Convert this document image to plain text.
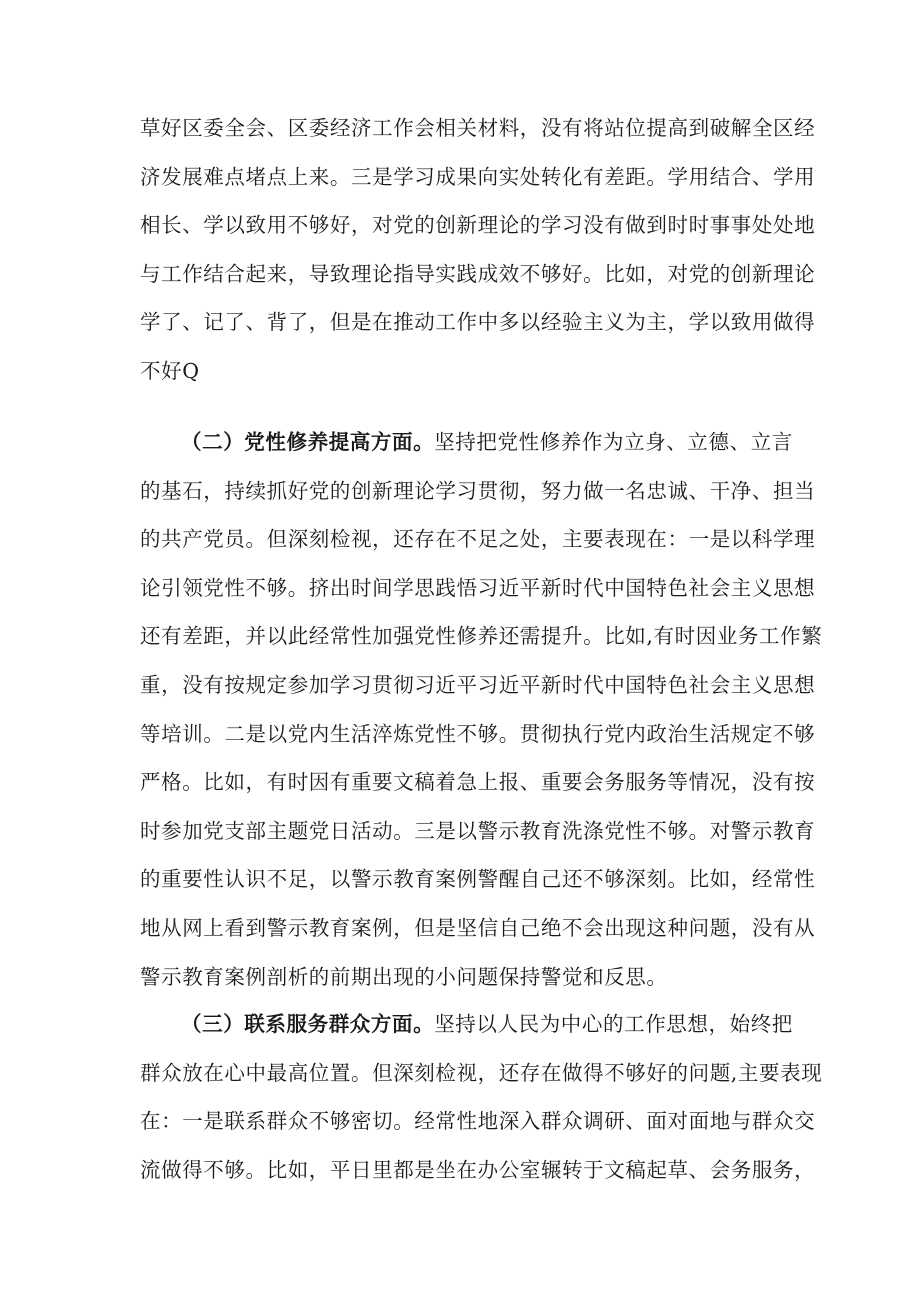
草好区委全会、区委经济工作会相关材料，没有将站位提高到破解全区经
济发展难点堵点上来。三是学习成果向实处转化有差距。学用结合、学用
相长、学以致用不够好，对党的创新理论的学习没有做到时时事事处处地
与工作结合起来，导致理论指导实践成效不够好。比如，对党的创新理论
学了、记了、背了，但是在推动工作中多以经验主义为主，学以致用做得
不好Q
（二）党性修养提高方面。坚持把党性修养作为立身、立德、立言
的基石，持续抓好党的创新理论学习贯彻，努力做一名忠诚、干净、担当
的共产党员。但深刻检视，还存在不足之处，主要表现在：一是以科学理
论引领党性不够。挤出时间学思践悟习近平新时代中国特色社会主义思想
还有差距，并以此经常性加强党性修养还需提升。比如,有时因业务工作繁
重，没有按规定参加学习贯彻习近平习近平新时代中国特色社会主义思想
等培训。二是以党内生活淬炼党性不够。贯彻执行党内政治生活规定不够
严格。比如，有时因有重要文稿着急上报、重要会务服务等情况，没有按
时参加党支部主题党日活动。三是以警示教育洗涤党性不够。对警示教育
的重要性认识不足，以警示教育案例警醒自己还不够深刻。比如，经常性
地从网上看到警示教育案例，但是坚信自己绝不会出现这种问题，没有从
警示教育案例剖析的前期出现的小问题保持警觉和反思。
（三）联系服务群众方面。坚持以人民为中心的工作思想，始终把
群众放在心中最高位置。但深刻检视，还存在做得不够好的问题,主要表现
在：一是联系群众不够密切。经常性地深入群众调研、面对面地与群众交
流做得不够。比如，平日里都是坐在办公室辗转于文稿起草、会务服务，
